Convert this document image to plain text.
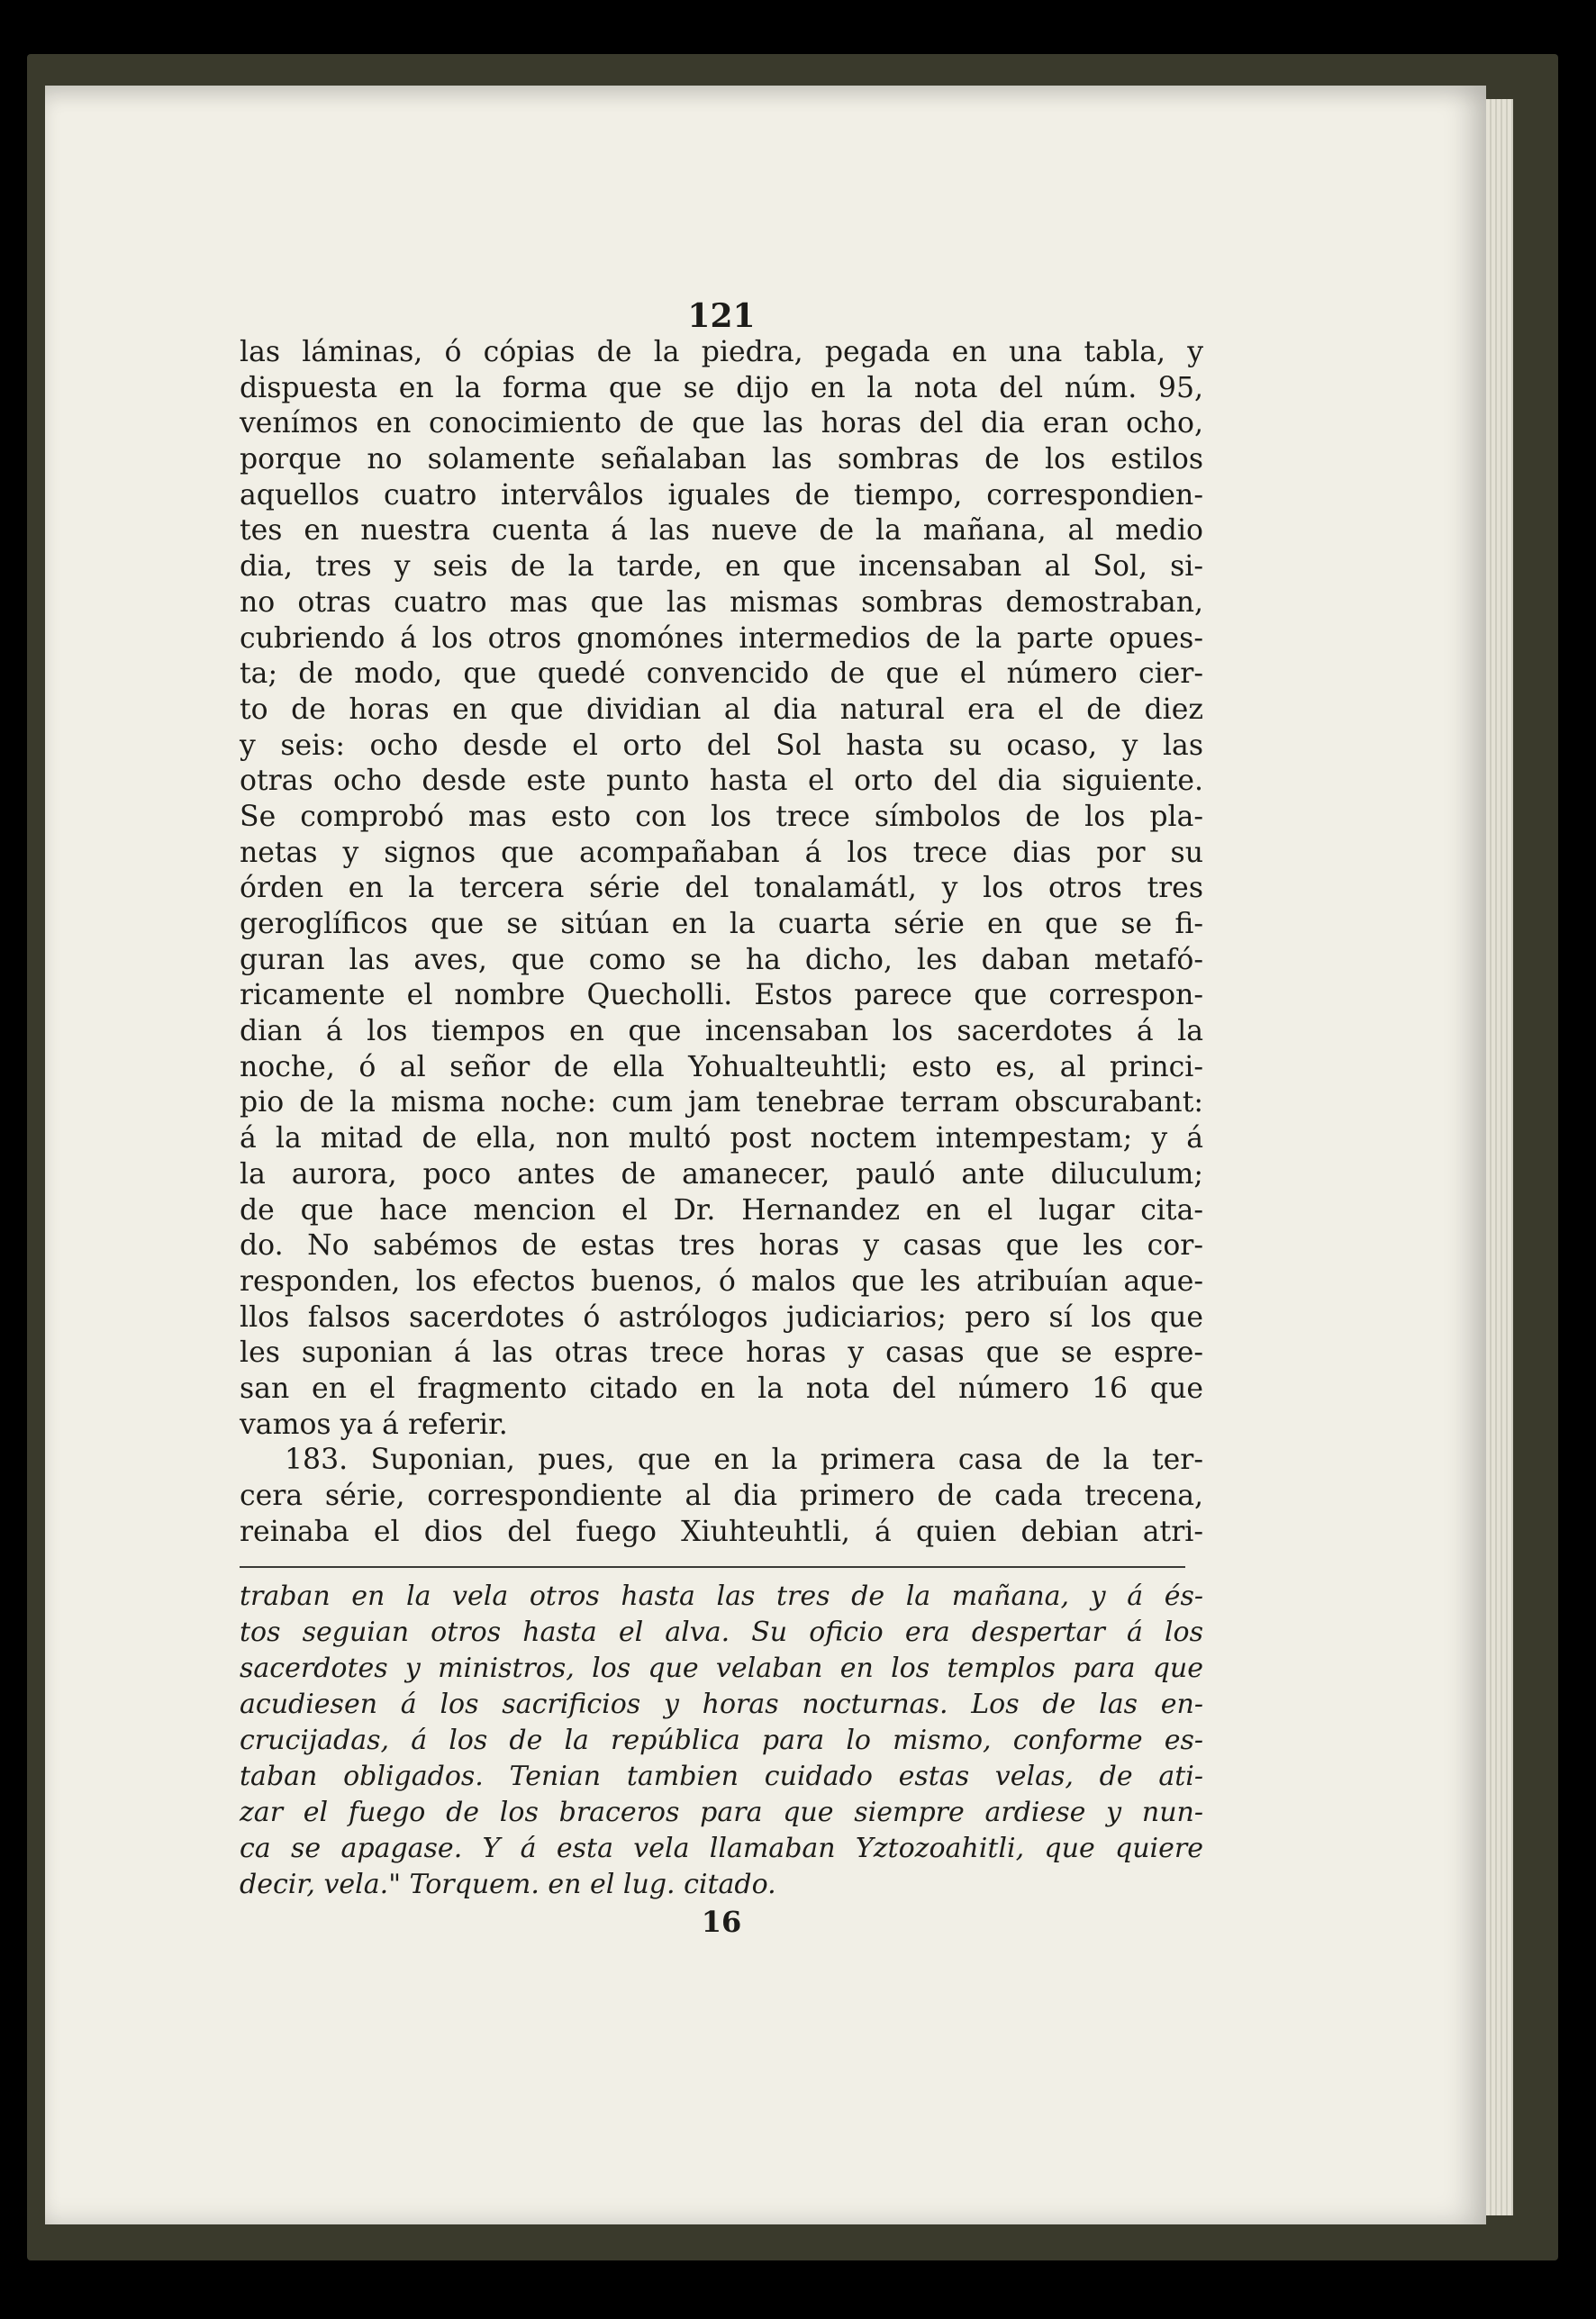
121
las láminas, ó cópias de la piedra, pegada en una tabla, y
dispuesta en la forma que se dijo en la nota del núm. 95,
venímos en conocimiento de que las horas del dia eran ocho,
porque no solamente señalaban las sombras de los estilos
aquellos cuatro intervâlos iguales de tiempo, correspondien-
tes en nuestra cuenta á las nueve de la mañana, al medio
dia, tres y seis de la tarde, en que incensaban al Sol, si-
no otras cuatro mas que las mismas sombras demostraban,
cubriendo á los otros gnomónes intermedios de la parte opues-
ta; de modo, que quedé convencido de que el número cier-
to de horas en que dividian al dia natural era el de diez
y seis: ocho desde el orto del Sol hasta su ocaso, y las
otras ocho desde este punto hasta el orto del dia siguiente.
Se comprobó mas esto con los trece símbolos de los pla-
netas y signos que acompañaban á los trece dias por su
órden en la tercera série del tonalamátl, y los otros tres
geroglíficos que se sitúan en la cuarta série en que se fi-
guran las aves, que como se ha dicho, les daban metafó-
ricamente el nombre Quecholli. Estos parece que correspon-
dian á los tiempos en que incensaban los sacerdotes á la
noche, ó al señor de ella Yohualteuhtli; esto es, al princi-
pio de la misma noche: cum jam tenebrae terram obscurabant:
á la mitad de ella, non multó post noctem intempestam; y á
la aurora, poco antes de amanecer, pauló ante diluculum;
de que hace mencion el Dr. Hernandez en el lugar cita-
do. No sabémos de estas tres horas y casas que les cor-
responden, los efectos buenos, ó malos que les atribuían aque-
llos falsos sacerdotes ó astrólogos judiciarios; pero sí los que
les suponian á las otras trece horas y casas que se espre-
san en el fragmento citado en la nota del número 16 que
vamos ya á referir.
183. Suponian, pues, que en la primera casa de la ter-
cera série, correspondiente al dia primero de cada trecena,
reinaba el dios del fuego Xiuhteuhtli, á quien debian atri-
traban en la vela otros hasta las tres de la mañana, y á és-
tos seguian otros hasta el alva. Su oficio era despertar á los
sacerdotes y ministros, los que velaban en los templos para que
acudiesen á los sacrificios y horas nocturnas. Los de las en-
crucijadas, á los de la república para lo mismo, conforme es-
taban obligados. Tenian tambien cuidado estas velas, de ati-
zar el fuego de los braceros para que siempre ardiese y nun-
ca se apagase. Y á esta vela llamaban Yztozoahitli, que quiere
decir, vela." Torquem. en el lug. citado.
16
